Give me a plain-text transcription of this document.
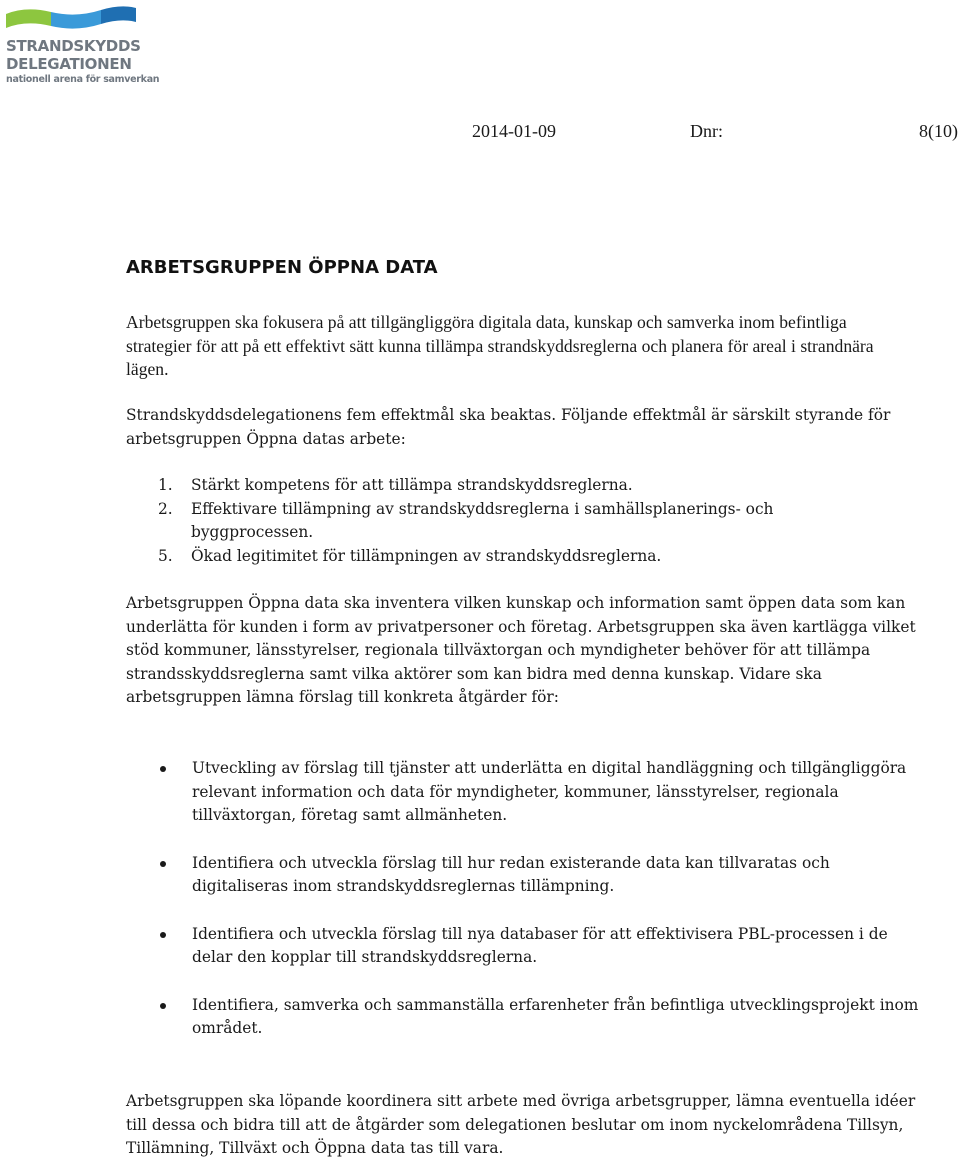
STRANDSKYDDS
DELEGATIONEN
nationell arena för samverkan
2014-01-09	Dnr:	8(10)
ARBETSGRUPPEN ÖPPNA DATA

Arbetsgruppen ska fokusera på att tillgängliggöra digitala data, kunskap och samverka inom befintliga strategier för att på ett effektivt sätt kunna tillämpa strandskyddsreglerna och planera för areal i strandnära lägen.

Strandskyddsdelegationens fem effektmål ska beaktas. Följande effektmål är särskilt styrande för arbetsgruppen Öppna datas arbete:

1. Stärkt kompetens för att tillämpa strandskyddsreglerna.
2. Effektivare tillämpning av strandskyddsreglerna i samhällsplanerings- och byggprocessen.
5. Ökad legitimitet för tillämpningen av strandskyddsreglerna.

Arbetsgruppen Öppna data ska inventera vilken kunskap och information samt öppen data som kan underlätta för kunden i form av privatpersoner och företag. Arbetsgruppen ska även kartlägga vilket stöd kommuner, länsstyrelser, regionala tillväxtorgan och myndigheter behöver för att tillämpa strandsskyddsreglerna samt vilka aktörer som kan bidra med denna kunskap. Vidare ska arbetsgruppen lämna förslag till konkreta åtgärder för:

Utveckling av förslag till tjänster att underlätta en digital handläggning och tillgängliggöra relevant information och data för myndigheter, kommuner, länsstyrelser, regionala tillväxtorgan, företag samt allmänheten.
Identifiera och utveckla förslag till hur redan existerande data kan tillvaratas och digitaliseras inom strandskyddsreglernas tillämpning.
Identifiera och utveckla förslag till nya databaser för att effektivisera PBL-processen i de delar den kopplar till strandskyddsreglerna.
Identifiera, samverka och sammanställa erfarenheter från befintliga utvecklingsprojekt inom området.

Arbetsgruppen ska löpande koordinera sitt arbete med övriga arbetsgrupper, lämna eventuella idéer till dessa och bidra till att de åtgärder som delegationen beslutar om inom nyckelområdena Tillsyn, Tillämning, Tillväxt och Öppna data tas till vara.
